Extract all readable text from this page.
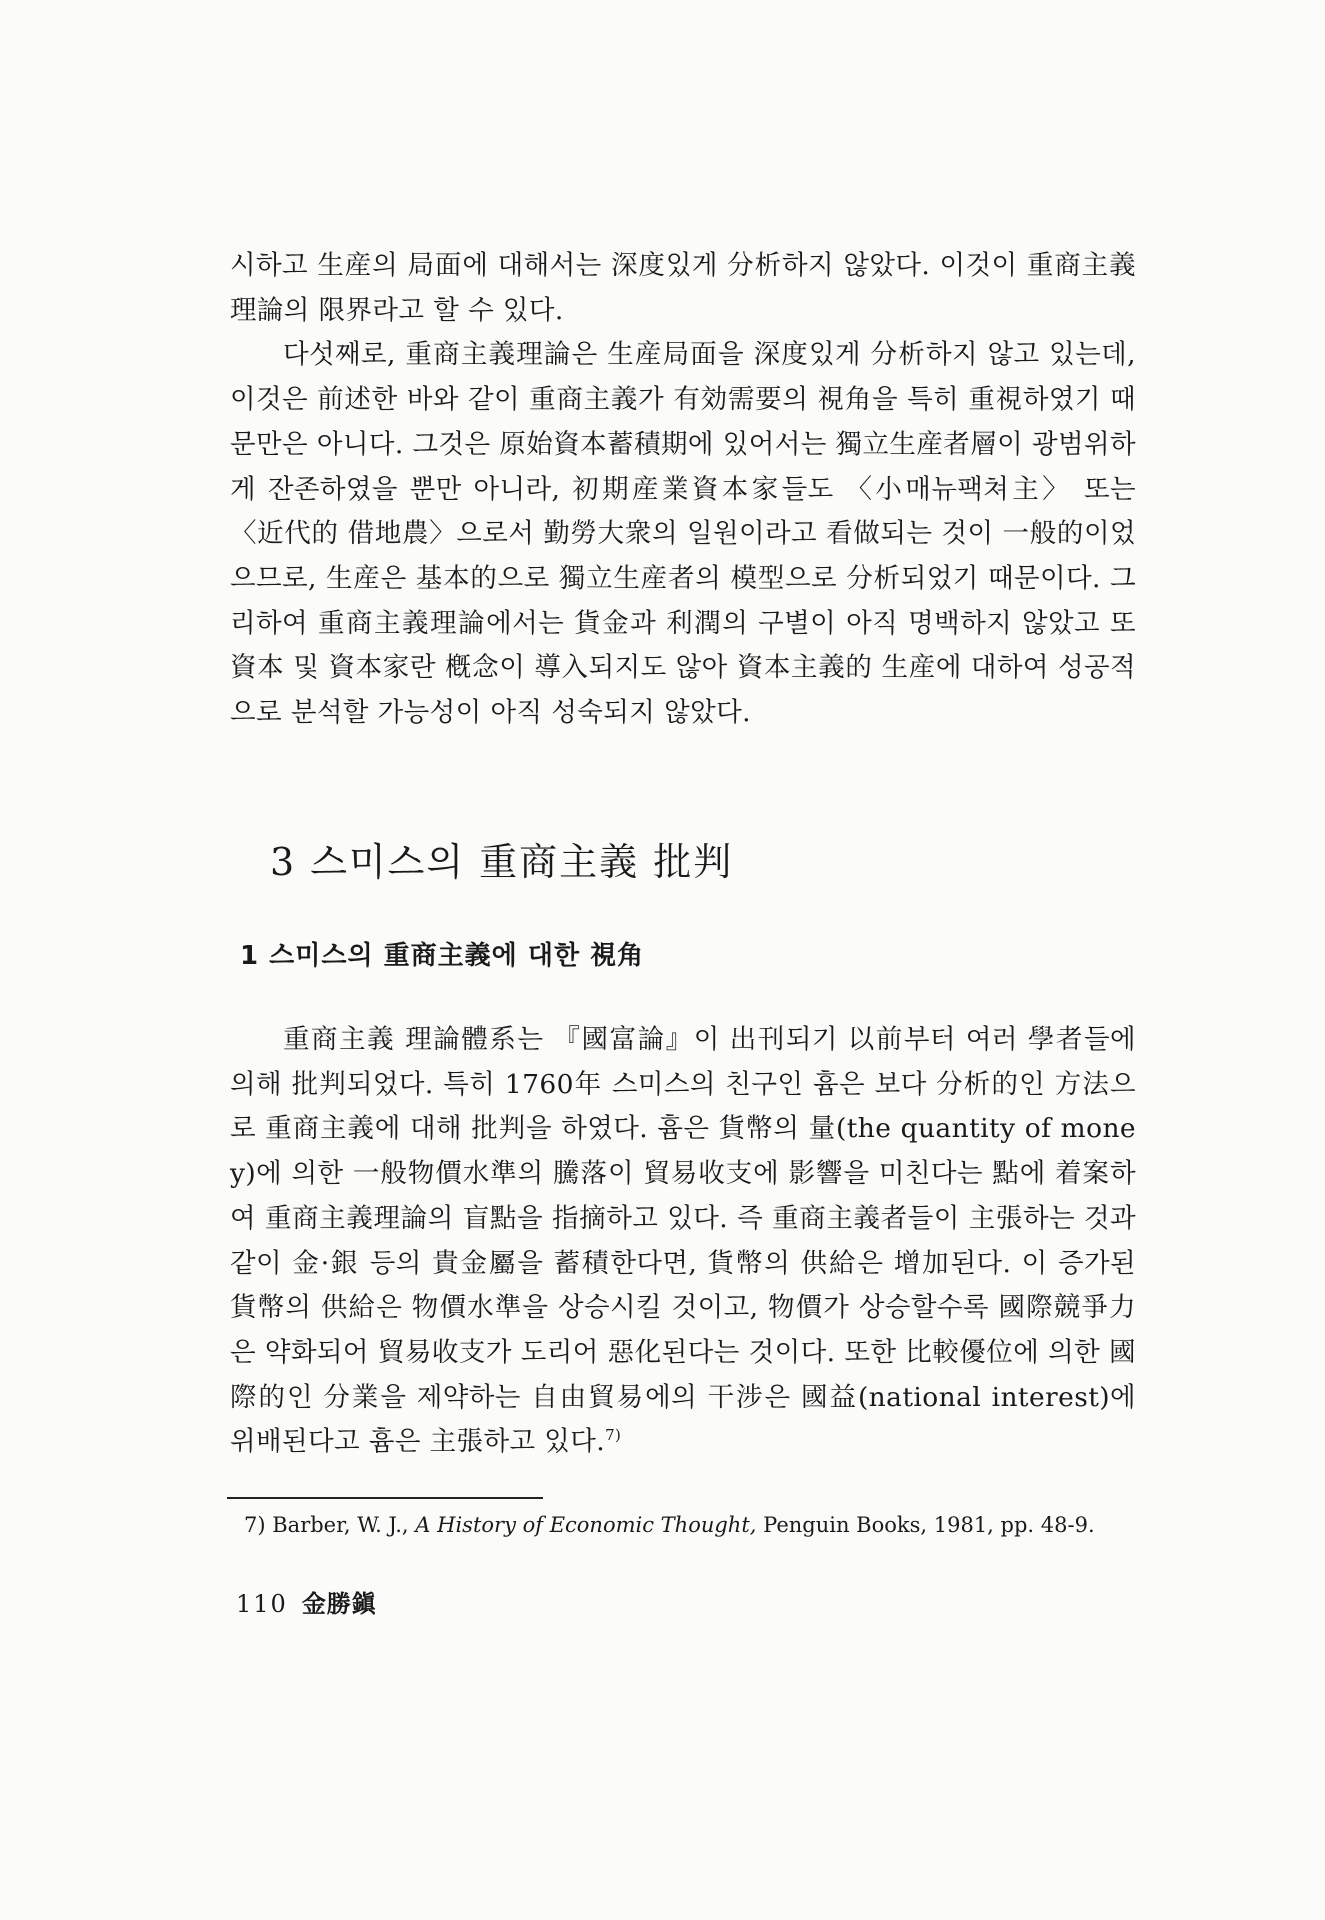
시하고 生産의 局面에 대해서는 深度있게 分析하지 않았다. 이것이 重商主義理論의 限界라고 할 수 있다.

다섯째로, 重商主義理論은 生産局面을 深度있게 分析하지 않고 있는데, 이것은 前述한 바와 같이 重商主義가 有効需要의 視角을 특히 重視하였기 때문만은 아니다. 그것은 原始資本蓄積期에 있어서는 獨立生産者層이 광범위하게 잔존하였을 뿐만 아니라, 初期産業資本家들도 〈小매뉴팩쳐主〉 또는 〈近代的 借地農〉으로서 勤勞大衆의 일원이라고 看做되는 것이 一般的이었으므로, 生産은 基本的으로 獨立生産者의 模型으로 分析되었기 때문이다. 그리하여 重商主義理論에서는 貨金과 利潤의 구별이 아직 명백하지 않았고 또 資本 및 資本家란 槪念이 導入되지도 않아 資本主義的 生産에 대하여 성공적으로 분석할 가능성이 아직 성숙되지 않았다.

3 스미스의 重商主義 批判
1 스미스의 重商主義에 대한 視角

重商主義 理論體系는 『國富論』이 出刊되기 以前부터 여러 學者들에 의해 批判되었다. 특히 1760年 스미스의 친구인 흄은 보다 分析的인 方法으로 重商主義에 대해 批判을 하였다. 흄은 貨幣의 量(the quantity of money)에 의한 一般物價水準의 騰落이 貿易收支에 影響을 미친다는 點에 着案하여 重商主義理論의 盲點을 指摘하고 있다. 즉 重商主義者들이 主張하는 것과 같이 金·銀 등의 貴金屬을 蓄積한다면, 貨幣의 供給은 增加된다. 이 증가된 貨幣의 供給은 物價水準을 상승시킬 것이고, 物價가 상승할수록 國際競爭力은 약화되어 貿易收支가 도리어 惡化된다는 것이다. 또한 比較優位에 의한 國際的인 分業을 제약하는 自由貿易에의 干涉은 國益(national interest)에 위배된다고 흄은 主張하고 있다.$^{7)}$

7) Barber, W. J., A History of Economic Thought, Penguin Books, 1981, pp. 48-9.

110 金勝鎭
